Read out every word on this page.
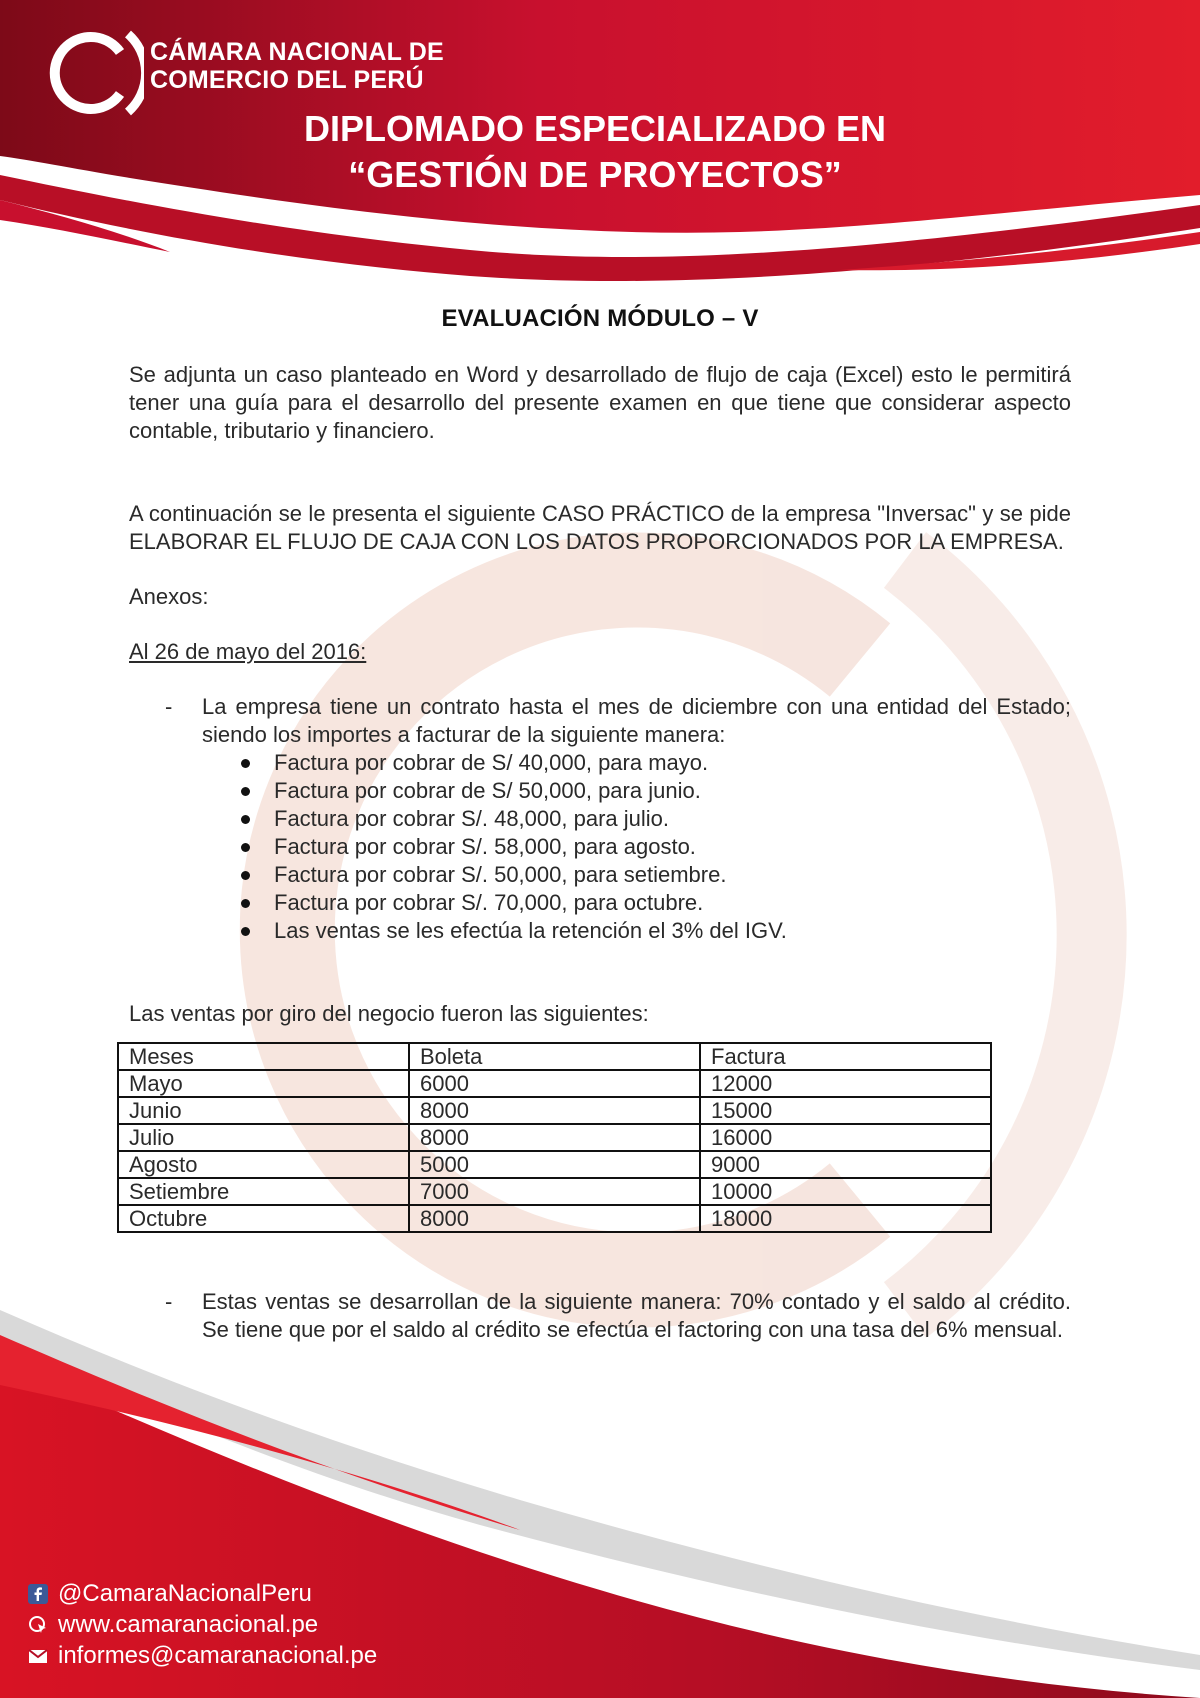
CÁMARA NACIONAL DE
COMERCIO DEL PERÚ
DIPLOMADO ESPECIALIZADO EN
“GESTIÓN DE PROYECTOS”
EVALUACIÓN MÓDULO – V

Se adjunta un caso planteado en Word y desarrollado de flujo de caja (Excel) esto le permitirá tener una guía para el desarrollo del presente examen en que tiene que considerar aspecto contable, tributario y financiero.

A continuación se le presenta el siguiente CASO PRÁCTICO de la empresa "Inversac" y se pide ELABORAR EL FLUJO DE CAJA CON LOS DATOS PROPORCIONADOS POR LA EMPRESA.

Anexos:

Al 26 de mayo del 2016:

- La empresa tiene un contrato hasta el mes de diciembre con una entidad del Estado; siendo los importes a facturar de la siguiente manera:
Factura por cobrar de S/ 40,000, para mayo.
Factura por cobrar de S/ 50,000, para junio.
Factura por cobrar S/. 48,000, para julio.
Factura por cobrar S/. 58,000, para agosto.
Factura por cobrar S/. 50,000, para setiembre.
Factura por cobrar S/. 70,000, para octubre.
Las ventas se les efectúa la retención el 3% del IGV.

Las ventas por giro del negocio fueron las siguientes:

Meses	Boleta	Factura
Mayo	6000	12000
Junio	8000	15000
Julio	8000	16000
Agosto	5000	9000
Setiembre	7000	10000
Octubre	8000	18000
- Estas ventas se desarrollan de la siguiente manera: 70% contado y el saldo al crédito. Se tiene que por el saldo al crédito se efectúa el factoring con una tasa del 6% mensual.
@CamaraNacionalPeru
www.camaranacional.pe
informes@camaranacional.pe
